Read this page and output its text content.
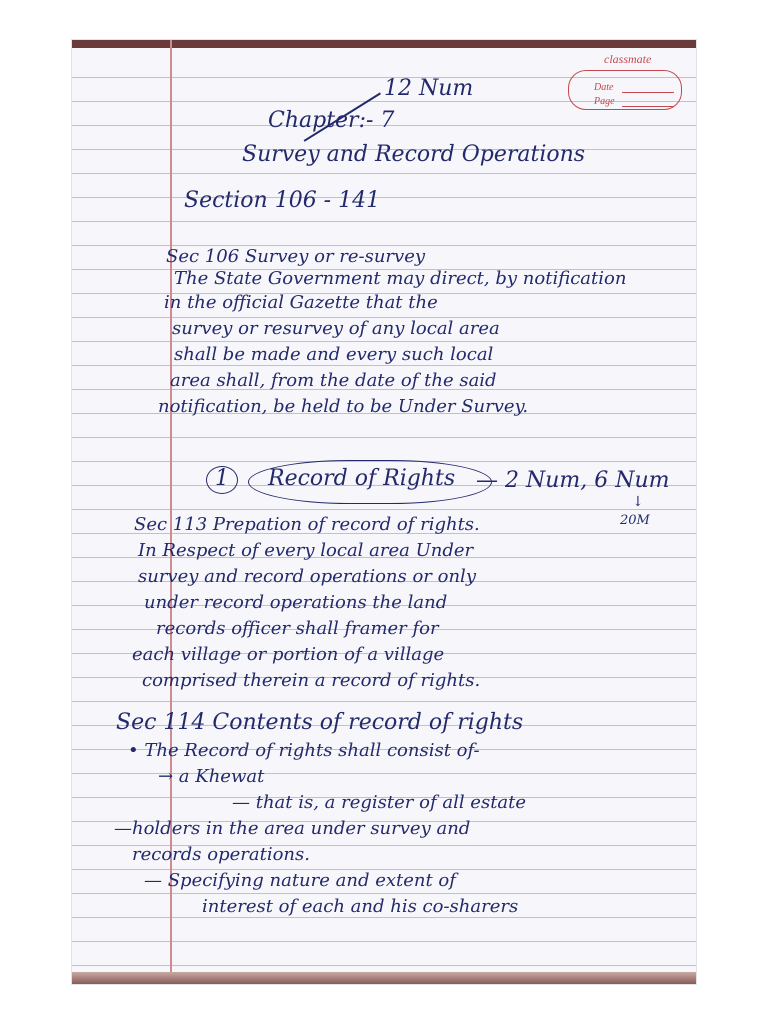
classmate
Date
Page
12 Num
Chapter:- 7
Survey and Record Operations
Section 106 - 141
Sec 106 Survey or re-survey
The State Government may direct, by notification
in the official Gazette that the
survey or resurvey of any local area
shall be made and every such local
area shall, from the date of the said
notification, be held to be Under Survey.
1 Record of Rights — 2 Num, 6 Num
↓
20M
Sec 113 Prepation of record of rights.
In Respect of every local area Under
survey and record operations or only
under record operations the land
records officer shall framer for
each village or portion of a village
comprised therein a record of rights.
Sec 114 Contents of record of rights
• The Record of rights shall consist of-
→ a Khewat
— that is, a register of all estate
—holders in the area under survey and
records operations.
— Specifying nature and extent of
interest of each and his co-sharers
